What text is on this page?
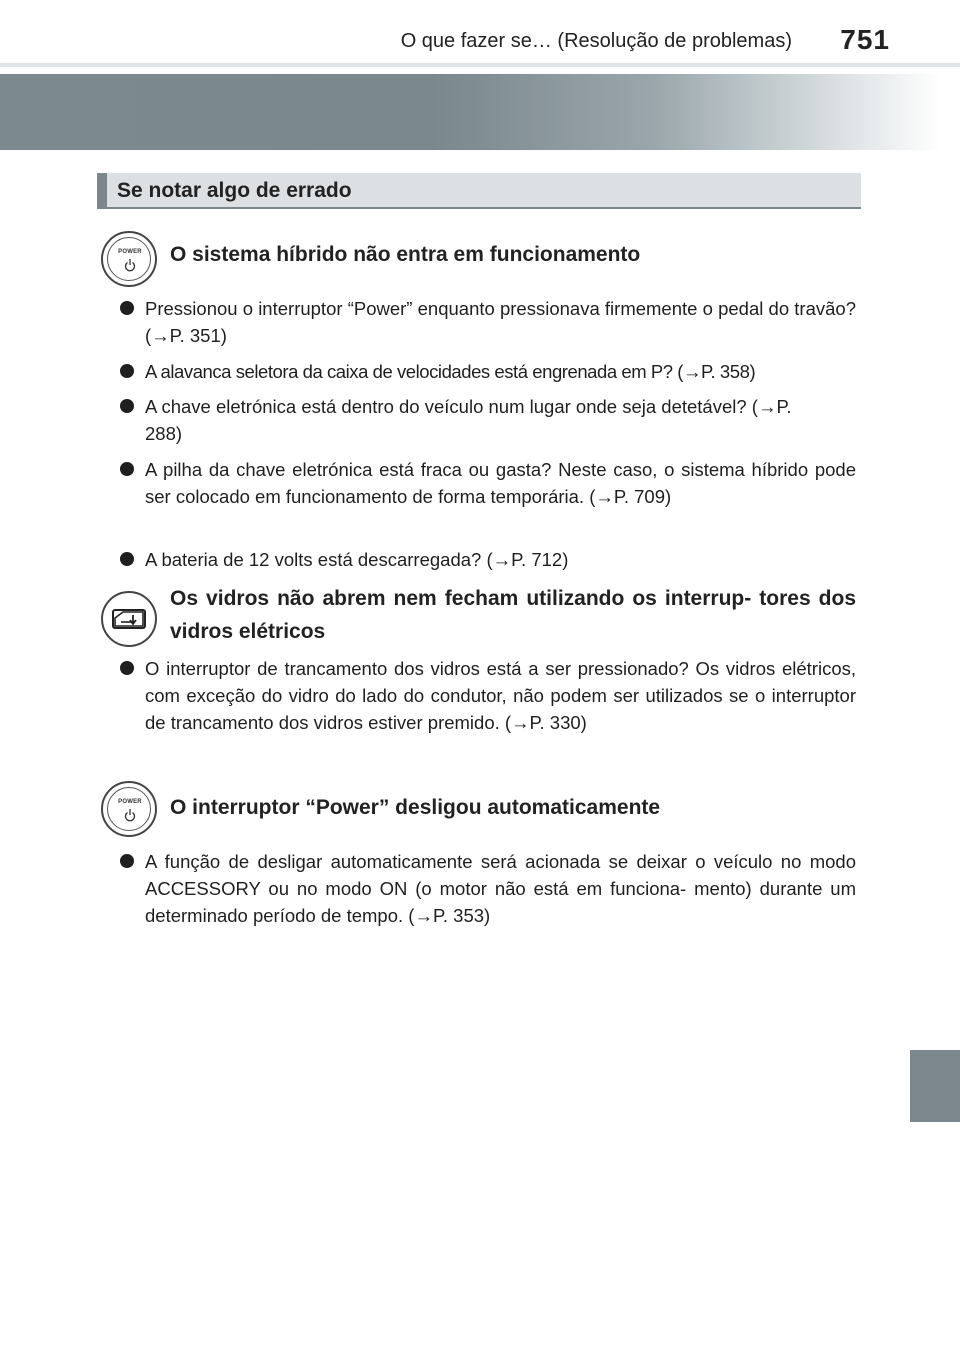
O que fazer se… (Resolução de problemas) 751
Se notar algo de errado
POWER	O sistema híbrido não entra em funcionamento
Pressionou o interruptor “Power” enquanto pressionava firmemente o pedal do travão? (→P. 351)
A alavanca seletora da caixa de velocidades está engrenada em P? (→P. 358)
A chave eletrónica está dentro do veículo num lugar onde seja detetável? (→P. 288)
A pilha da chave eletrónica está fraca ou gasta? Neste caso, o sistema híbrido pode ser colocado em funcionamento de forma temporária. (→P. 709)
A bateria de 12 volts está descarregada? (→P. 712)
Os vidros não abrem nem fecham utilizando os interrup- tores dos vidros elétricos
O interruptor de trancamento dos vidros está a ser pressionado? Os vidros elétricos, com exceção do vidro do lado do condutor, não podem ser utilizados se o interruptor de trancamento dos vidros estiver premido. (→P. 330)
POWER	O interruptor “Power” desligou automaticamente
A função de desligar automaticamente será acionada se deixar o veículo no modo ACCESSORY ou no modo ON (o motor não está em funciona- mento) durante um determinado período de tempo. (→P. 353)
